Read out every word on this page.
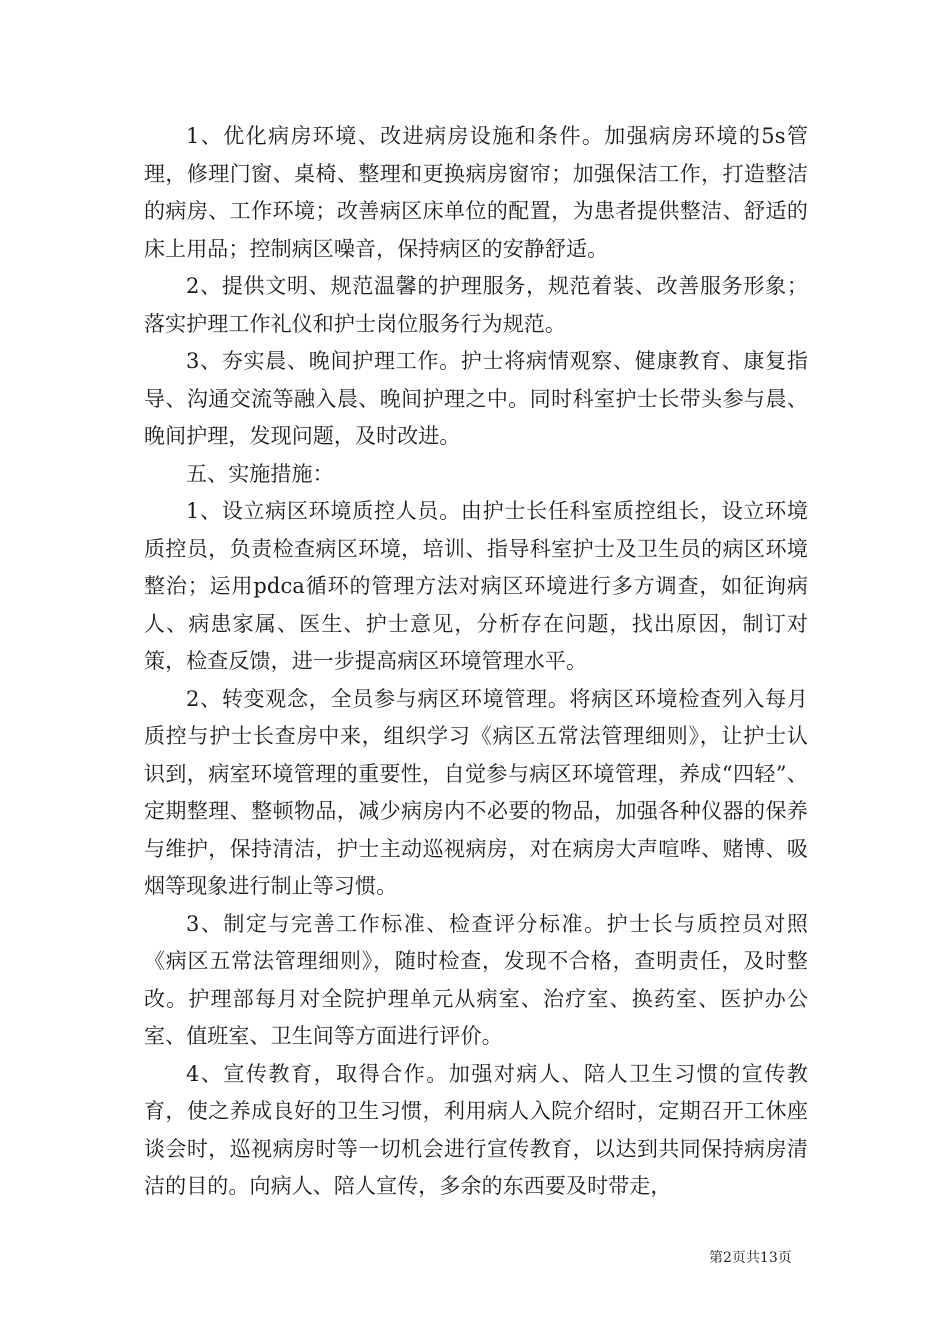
1、优化病房环境、改进病房设施和条件。加强病房环境的5s管理，修理门窗、桌椅、整理和更换病房窗帘；加强保洁工作，打造整洁的病房、工作环境；改善病区床单位的配置，为患者提供整洁、舒适的床上用品；控制病区噪音，保持病区的安静舒适。

2、提供文明、规范温馨的护理服务，规范着装、改善服务形象；落实护理工作礼仪和护士岗位服务行为规范。

3、夯实晨、晚间护理工作。护士将病情观察、健康教育、康复指导、沟通交流等融入晨、晚间护理之中。同时科室护士长带头参与晨、晚间护理，发现问题，及时改进。

五、实施措施：

1、设立病区环境质控人员。由护士长任科室质控组长，设立环境质控员，负责检查病区环境，培训、指导科室护士及卫生员的病区环境整治；运用pdca循环的管理方法对病区环境进行多方调查，如征询病人、病患家属、医生、护士意见，分析存在问题，找出原因，制订对策，检查反馈，进一步提高病区环境管理水平。

2、转变观念，全员参与病区环境管理。将病区环境检查列入每月质控与护士长查房中来，组织学习《病区五常法管理细则》，让护士认识到，病室环境管理的重要性，自觉参与病区环境管理，养成“四轻”、定期整理、整顿物品，减少病房内不必要的物品，加强各种仪器的保养与维护，保持清洁，护士主动巡视病房，对在病房大声喧哗、赌博、吸烟等现象进行制止等习惯。

3、制定与完善工作标准、检查评分标准。护士长与质控员对照《病区五常法管理细则》，随时检查，发现不合格，查明责任，及时整改。护理部每月对全院护理单元从病室、治疗室、换药室、医护办公室、值班室、卫生间等方面进行评价。

4、宣传教育，取得合作。加强对病人、陪人卫生习惯的宣传教育，使之养成良好的卫生习惯，利用病人入院介绍时，定期召开工休座谈会时，巡视病房时等一切机会进行宣传教育，以达到共同保持病房清洁的目的。向病人、陪人宣传，多余的东西要及时带走，

第2页共13页
